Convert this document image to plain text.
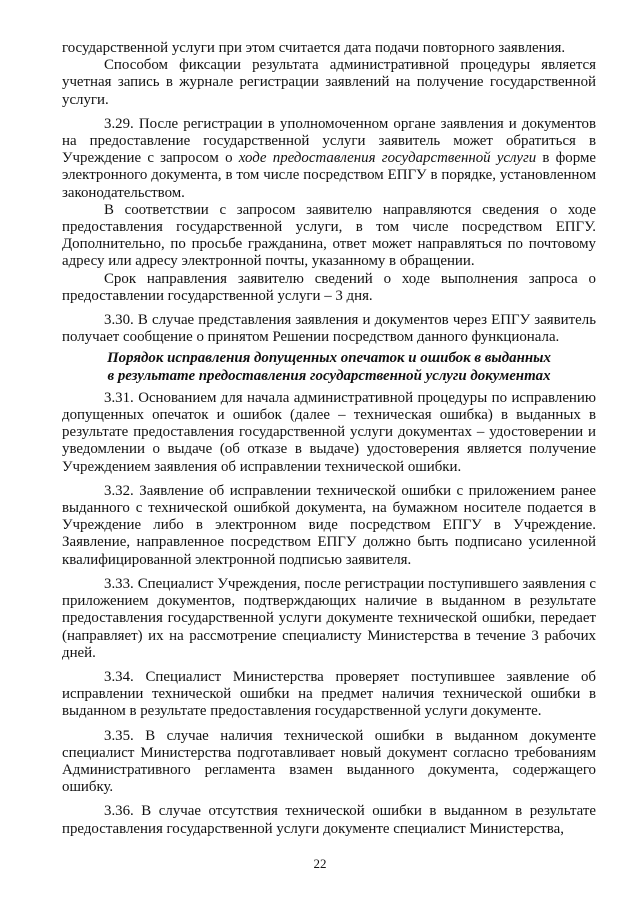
государственной услуги при этом считается дата подачи повторного заявления.

Способом фиксации результата административной процедуры является учетная запись в журнале регистрации заявлений на получение государственной услуги.

3.29. После регистрации в уполномоченном органе заявления и документов на предоставление государственной услуги заявитель может обратиться в Учреждение с запросом о ходе предоставления государственной услуги в форме электронного документа, в том числе посредством ЕПГУ в порядке, установленном законодательством.

В соответствии с запросом заявителю направляются сведения о ходе предоставления государственной услуги, в том числе посредством ЕПГУ. Дополнительно, по просьбе гражданина, ответ может направляться по почтовому адресу или адресу электронной почты, указанному в обращении.

Срок направления заявителю сведений о ходе выполнения запроса о предоставлении государственной услуги – 3 дня.

3.30. В случае представления заявления и документов через ЕПГУ заявитель получает сообщение о принятом Решении посредством данного функционала.

Порядок исправления допущенных опечаток и ошибок в выданных
в результате предоставления государственной услуги документах

3.31. Основанием для начала административной процедуры по исправлению допущенных опечаток и ошибок (далее – техническая ошибка) в выданных в результате предоставления государственной услуги документах – удостоверении и уведомлении о выдаче (об отказе в выдаче) удостоверения является получение Учреждением заявления об исправлении технической ошибки.

3.32. Заявление об исправлении технической ошибки с приложением ранее выданного с технической ошибкой документа, на бумажном носителе подается в Учреждение либо в электронном виде посредством ЕПГУ в Учреждение. Заявление, направленное посредством ЕПГУ должно быть подписано усиленной квалифицированной электронной подписью заявителя.

3.33. Специалист Учреждения, после регистрации поступившего заявления с приложением документов, подтверждающих наличие в выданном в результате предоставления государственной услуги документе технической ошибки, передает (направляет) их на рассмотрение специалисту Министерства в течение 3 рабочих дней.

3.34. Специалист Министерства проверяет поступившее заявление об исправлении технической ошибки на предмет наличия технической ошибки в выданном в результате предоставления государственной услуги документе.

3.35. В случае наличия технической ошибки в выданном документе специалист Министерства подготавливает новый документ согласно требованиям Административного регламента взамен выданного документа, содержащего ошибку.

3.36. В случае отсутствия технической ошибки в выданном в результате предоставления государственной услуги документе специалист Министерства,

22
